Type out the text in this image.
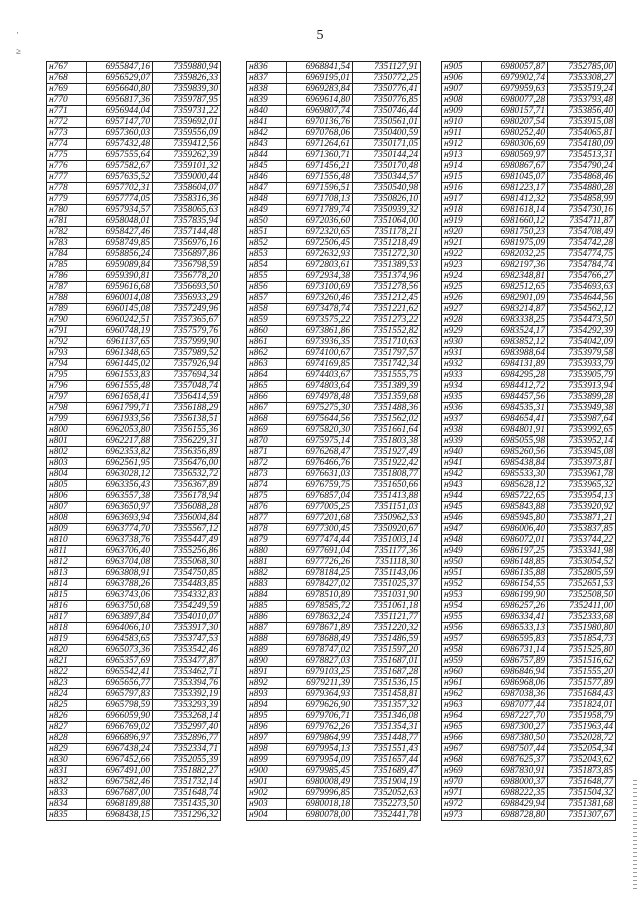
5
·
≥
н767	6955847,16	7359880,94
н768	6956529,07	7359826,33
н769	6956640,80	7359839,30
н770	6956817,36	7359787,95
н771	6956944,04	7359731,22
н772	6957147,70	7359692,01
н773	6957360,03	7359556,09
н774	6957432,48	7359412,56
н775	6957555,64	7359262,39
н776	6957582,67	7359101,32
н777	6957635,52	7359000,44
н778	6957702,31	7358604,07
н779	6957774,05	7358316,36
н780	6957934,57	7358065,63
н781	6958048,01	7357835,94
н782	6958427,46	7357144,48
н783	6958749,85	7356976,16
н784	6958856,24	7356897,86
н785	6959089,84	7356798,59
н786	6959390,81	7356778,20
н787	6959616,68	7356693,50
н788	6960014,08	7356933,29
н789	6960145,08	7357249,96
н790	6960242,51	7357365,67
н791	6960748,19	7357579,76
н792	6961137,65	7357999,90
н793	6961348,65	7357989,52
н794	6961445,02	7357926,94
н795	6961553,83	7357694,34
н796	6961555,48	7357048,74
н797	6961658,41	7356414,59
н798	6961799,71	7356188,29
н799	6961933,56	7356138,51
н800	6962053,80	7356155,36
н801	6962217,88	7356229,31
н802	6962353,82	7356356,89
н803	6962561,95	7356476,00
н804	6963028,12	7356532,72
н805	6963356,43	7356367,89
н806	6963557,38	7356178,94
н807	6963650,97	7356088,28
н808	6963693,94	7356004,84
н809	6963774,70	7355567,12
н810	6963738,76	7355447,49
н811	6963706,40	7355256,86
н812	6963704,08	7355068,30
н813	6963808,91	7354750,85
н814	6963788,26	7354483,85
н815	6963743,06	7354332,83
н816	6963750,68	7354249,59
н817	6963897,84	7354010,07
н818	6964066,10	7353917,30
н819	6964583,65	7353747,53
н820	6965073,36	7353542,46
н821	6965357,69	7353477,87
н822	6965542,41	7353462,71
н823	6965656,77	7353394,76
н824	6965797,83	7353392,19
н825	6965798,59	7353293,39
н826	6966059,90	7353268,14
н827	6966769,02	7352997,40
н828	6966896,97	7352896,77
н829	6967438,24	7352334,71
н830	6967452,66	7352055,39
н831	6967491,00	7351882,27
н832	6967582,46	7351732,14
н833	6967687,00	7351648,74
н834	6968189,88	7351435,30
н835	6968438,15	7351296,32
н836	6968841,54	7351127,91
н837	6969195,01	7350772,25
н838	6969283,84	7350776,41
н839	6969614,80	7350776,85
н840	6969807,74	7350746,44
н841	6970136,76	7350561,01
н842	6970768,06	7350400,59
н843	6971264,61	7350171,05
н844	6971360,71	7350144,24
н845	6971456,21	7350170,48
н846	6971556,48	7350344,57
н847	6971596,51	7350540,98
н848	6971708,13	7350826,10
н849	6971789,74	7350939,32
н850	6972036,60	7351064,00
н851	6972320,65	7351178,21
н852	6972506,45	7351218,49
н853	6972632,93	7351272,30
н854	6972803,61	7351389,53
н855	6972934,38	7351374,96
н856	6973100,69	7351278,56
н857	6973260,46	7351212,45
н858	6973478,74	7351221,62
н859	6973575,22	7351273,22
н860	6973861,86	7351552,82
н861	6973936,35	7351710,63
н862	6974100,67	7351797,57
н863	6974169,85	7351742,34
н864	6974403,67	7351555,75
н865	6974803,64	7351389,39
н866	6974978,48	7351359,68
н867	6975275,30	7351488,36
н868	6975644,56	7351562,02
н869	6975820,30	7351661,64
н870	6975975,14	7351803,38
н871	6976268,47	7351927,49
н872	6976466,76	7351922,42
н873	6976631,03	7351808,77
н874	6976759,75	7351650,66
н875	6976857,04	7351413,88
н876	6977005,25	7351151,03
н877	6977201,68	7350962,53
н878	6977300,45	7350920,67
н879	6977474,44	7351003,14
н880	6977691,04	7351177,36
н881	6977726,26	7351118,30
н882	6978184,25	7351143,06
н883	6978427,02	7351025,37
н884	6978510,89	7351031,90
н885	6978585,72	7351061,18
н886	6978632,24	7351121,77
н887	6978671,89	7351220,32
н888	6978688,49	7351486,59
н889	6978747,02	7351597,20
н890	6978827,03	7351687,01
н891	6979103,25	7351687,28
н892	6979211,39	7351536,15
н893	6979364,93	7351458,81
н894	6979626,90	7351357,32
н895	6979706,71	7351346,08
н896	6979762,26	7351354,31
н897	6979864,99	7351448,77
н898	6979954,13	7351551,43
н899	6979954,09	7351657,44
н900	6979985,45	7351689,47
н901	6980008,49	7351904,19
н902	6979996,85	7352052,63
н903	6980018,18	7352273,50
н904	6980078,00	7352441,78
н905	6980057,87	7352785,00
н906	6979902,74	7353308,27
н907	6979959,63	7353519,24
н908	6980077,28	7353793,48
н909	6980157,71	7353856,40
н910	6980207,54	7353915,08
н911	6980252,40	7354065,81
н912	6980306,69	7354180,09
н913	6980569,97	7354513,31
н914	6980867,67	7354790,24
н915	6981045,07	7354868,46
н916	6981223,17	7354880,28
н917	6981412,32	7354858,99
н918	6981618,14	7354730,16
н919	6981660,12	7354711,87
н920	6981750,23	7354708,49
н921	6981975,09	7354742,28
н922	6982032,25	7354774,75
н923	6982197,36	7354784,74
н924	6982348,81	7354766,27
н925	6982512,65	7354693,63
н926	6982901,09	7354644,56
н927	6983214,87	7354562,12
н928	6983338,25	7354473,50
н929	6983524,17	7354292,39
н930	6983852,12	7354042,09
н931	6983988,64	7353979,58
н932	6984131,89	7353933,79
н933	6984295,28	7353905,79
н934	6984412,72	7353913,94
н935	6984457,56	7353899,28
н936	6984535,31	7353949,38
н937	6984654,41	7353987,64
н938	6984801,91	7353992,65
н939	6985055,98	7353952,14
н940	6985260,56	7353945,08
н941	6985438,84	7353973,81
н942	6985533,30	7353961,78
н943	6985628,12	7353965,32
н944	6985722,65	7353954,13
н945	6985843,88	7353920,92
н946	6985945,80	7353871,21
н947	6986006,40	7353837,85
н948	6986072,01	7353744,22
н949	6986197,25	7353341,98
н950	6986148,85	7353054,52
н951	6986135,88	7352805,59
н952	6986154,55	7352651,53
н953	6986199,90	7352508,50
н954	6986257,26	7352411,00
н955	6986334,41	7352333,68
н956	6986533,13	7351980,80
н957	6986595,83	7351854,73
н958	6986731,14	7351525,80
н959	6986757,89	7351516,62
н960	6986846,94	7351555,20
н961	6986968,06	7351577,89
н962	6987038,36	7351684,43
н963	6987077,44	7351824,01
н964	6987227,70	7351958,79
н965	6987300,27	7351963,44
н966	6987380,50	7352028,72
н967	6987507,44	7352054,34
н968	6987625,37	7352043,62
н969	6987830,91	7351873,85
н970	6988000,37	7351648,77
н971	6988222,35	7351504,32
н972	6988429,94	7351381,68
н973	6988728,80	7351307,67
